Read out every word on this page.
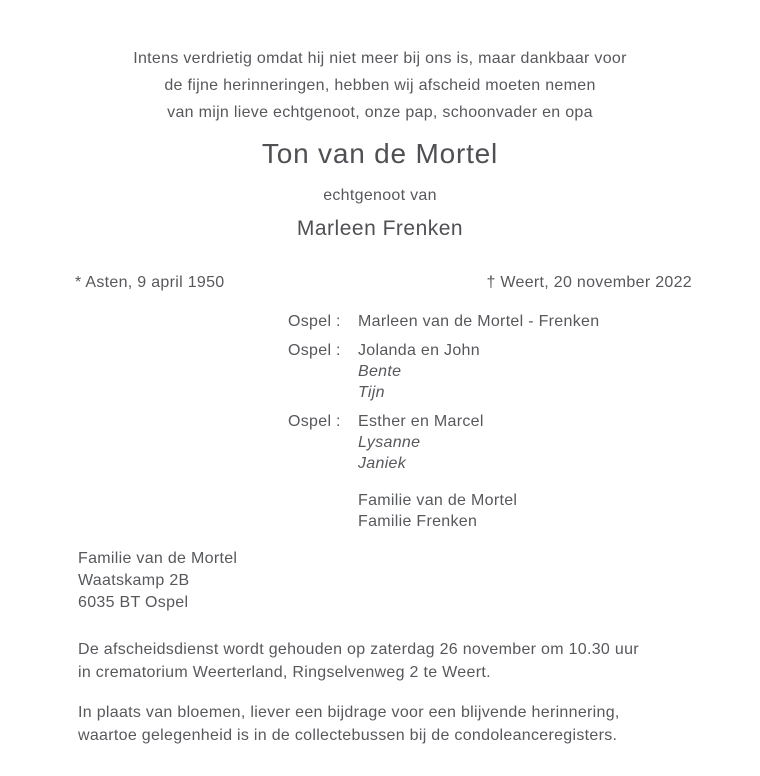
Intens verdrietig omdat hij niet meer bij ons is, maar dankbaar voor
de fijne herinneringen, hebben wij afscheid moeten nemen
van mijn lieve echtgenoot, onze pap, schoonvader en opa
Ton van de Mortel
echtgenoot van
Marleen Frenken
* Asten, 9 april 1950	† Weert, 20 november 2022
Ospel :	Marleen van de Mortel - Frenken
Ospel :	Jolanda en John
Bente
Tijn
Ospel :	Esther en Marcel
Lysanne
Janiek
Familie van de Mortel
Familie Frenken
Familie van de Mortel
Waatskamp 2B
6035 BT Ospel
De afscheidsdienst wordt gehouden op zaterdag 26 november om 10.30 uur
in crematorium Weerterland, Ringselvenweg 2 te Weert.
In plaats van bloemen, liever een bijdrage voor een blijvende herinnering,
waartoe gelegenheid is in de collectebussen bij de condoleanceregisters.
